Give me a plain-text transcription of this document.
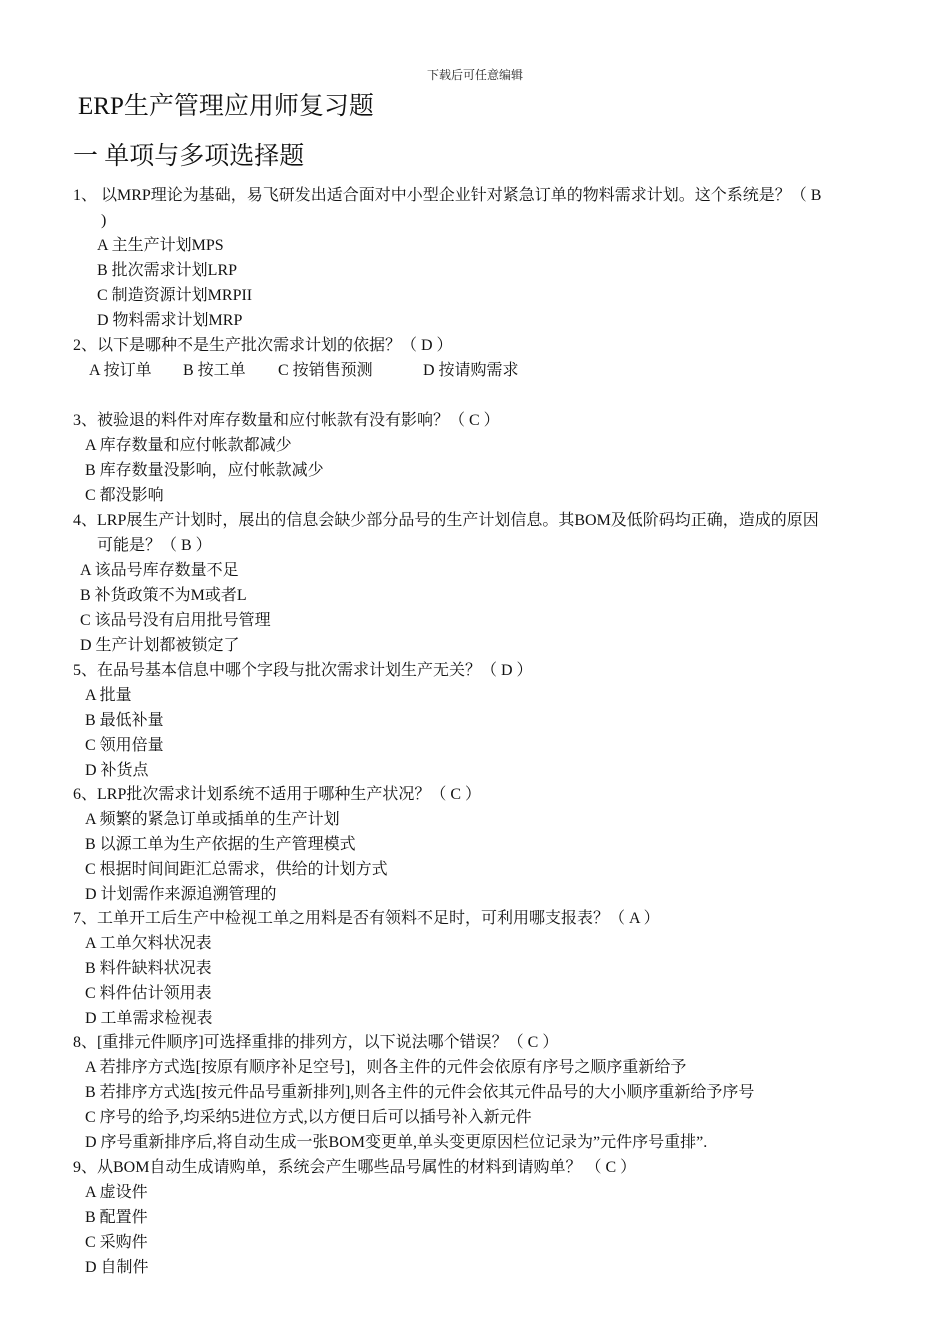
下载后可任意编辑
ERP生产管理应用师复习题
一 单项与多项选择题
1、 以MRP理论为基础，易飞研发出适合面对中小型企业针对紧急订单的物料需求计划。这个系统是？（ B
)
A 主生产计划MPS
B 批次需求计划LRP
C 制造资源计划MRPII
D 物料需求计划MRP
2、以下是哪种不是生产批次需求计划的依据？（ D ）
A 按订单 B 按工单 C 按销售预测	D 按请购需求
3、被验退的料件对库存数量和应付帐款有没有影响？（ C ）
A 库存数量和应付帐款都减少
B 库存数量没影响，应付帐款减少
C 都没影响
4、LRP展生产计划时，展出的信息会缺少部分品号的生产计划信息。其BOM及低阶码均正确，造成的原因
可能是？（ B ）
A 该品号库存数量不足
B 补货政策不为M或者L
C 该品号没有启用批号管理
D 生产计划都被锁定了
5、在品号基本信息中哪个字段与批次需求计划生产无关？（ D ）
A 批量
B 最低补量
C 领用倍量
D 补货点
6、LRP批次需求计划系统不适用于哪种生产状况？（ C ）
A 频繁的紧急订单或插单的生产计划
B 以源工单为生产依据的生产管理模式
C 根据时间间距汇总需求，供给的计划方式
D 计划需作来源追溯管理的
7、工单开工后生产中检视工单之用料是否有领料不足时，可利用哪支报表？（ A ）
A 工单欠料状况表
B 料件缺料状况表
C 料件估计领用表
D 工单需求检视表
8、[重排元件顺序]可选择重排的排列方，以下说法哪个错误？（ C ）
A 若排序方式选[按原有顺序补足空号]，则各主件的元件会依原有序号之顺序重新给予
B 若排序方式选[按元件品号重新排列],则各主件的元件会依其元件品号的大小顺序重新给予序号
C 序号的给予,均采纳5进位方式,以方便日后可以插号补入新元件
D 序号重新排序后,将自动生成一张BOM变更单,单头变更原因栏位记录为”元件序号重排”.
9、从BOM自动生成请购单，系统会产生哪些品号属性的材料到请购单？ （ C ）
A 虚设件
B 配置件
C 采购件
D 自制件
